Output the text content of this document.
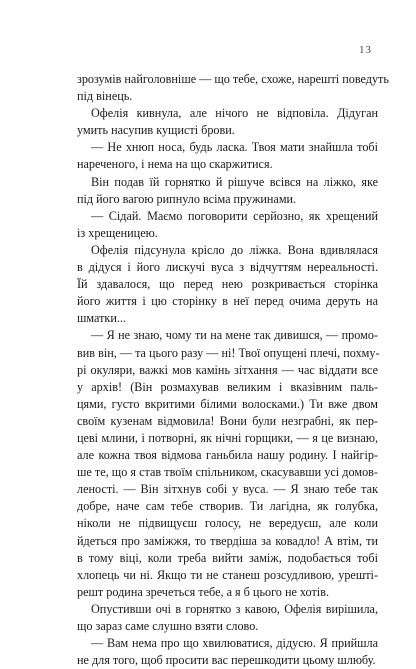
13
зрозумів найголовніше — що тебе, схоже, нарешті поведуть
під вінець.
Офелія кивнула, але нічого не відповіла. Дідуган
умить насупив кущисті брови.
— Не хнюп носа, будь ласка. Твоя мати знайшла тобі
нареченого, і нема на що скаржитися.
Він подав їй горнятко й рішуче всівся на ліжко, яке
під його вагою рипнуло всіма пружинами.
— Сідай. Маємо поговорити серйозно, як хрещений
із хрещеницею.
Офелія підсунула крісло до ліжка. Вона вдивлялася
в дідуся і його лискучі вуса з відчуттям нереальності.
Їй здавалося, що перед нею розкривається сторінка
його життя і цю сторінку в неї перед очима деруть на
шматки...
— Я не знаю, чому ти на мене так дивишся, — промо-
вив він, — та цього разу — ні! Твої опущені плечі, похму-
рі окуляри, важкі мов камінь зітхання — час віддати все
у архів! (Він розмахував великим і вказівним паль-
цями, густо вкритими білими волосками.) Ти вже двом
своїм кузенам відмовила! Вони були незграбні, як пер-
цеві млини, і потворні, як нічні горщики, — я це визнаю,
але кожна твоя відмова ганьбила нашу родину. І найгір-
ше те, що я став твоїм спільником, скасувавши усі домов-
леності. — Він зітхнув собі у вуса. — Я знаю тебе так
добре, наче сам тебе створив. Ти лагідна, як голубка,
ніколи не підвищуєш голосу, не вередуєш, але коли
йдеться про заміжжя, то твердіша за ковадло! А втім, ти
в тому віці, коли треба вийти заміж, подобається тобі
хлопець чи ні. Якщо ти не станеш розсудливою, урешті-
решт родина зречеться тебе, а я б цього не хотів.
Опустивши очі в горнятко з кавою, Офелія вирішила,
що зараз саме слушно взяти слово.
— Вам нема про що хвилюватися, дідусю. Я прийшла
не для того, щоб просити вас перешкодити цьому шлюбу.
